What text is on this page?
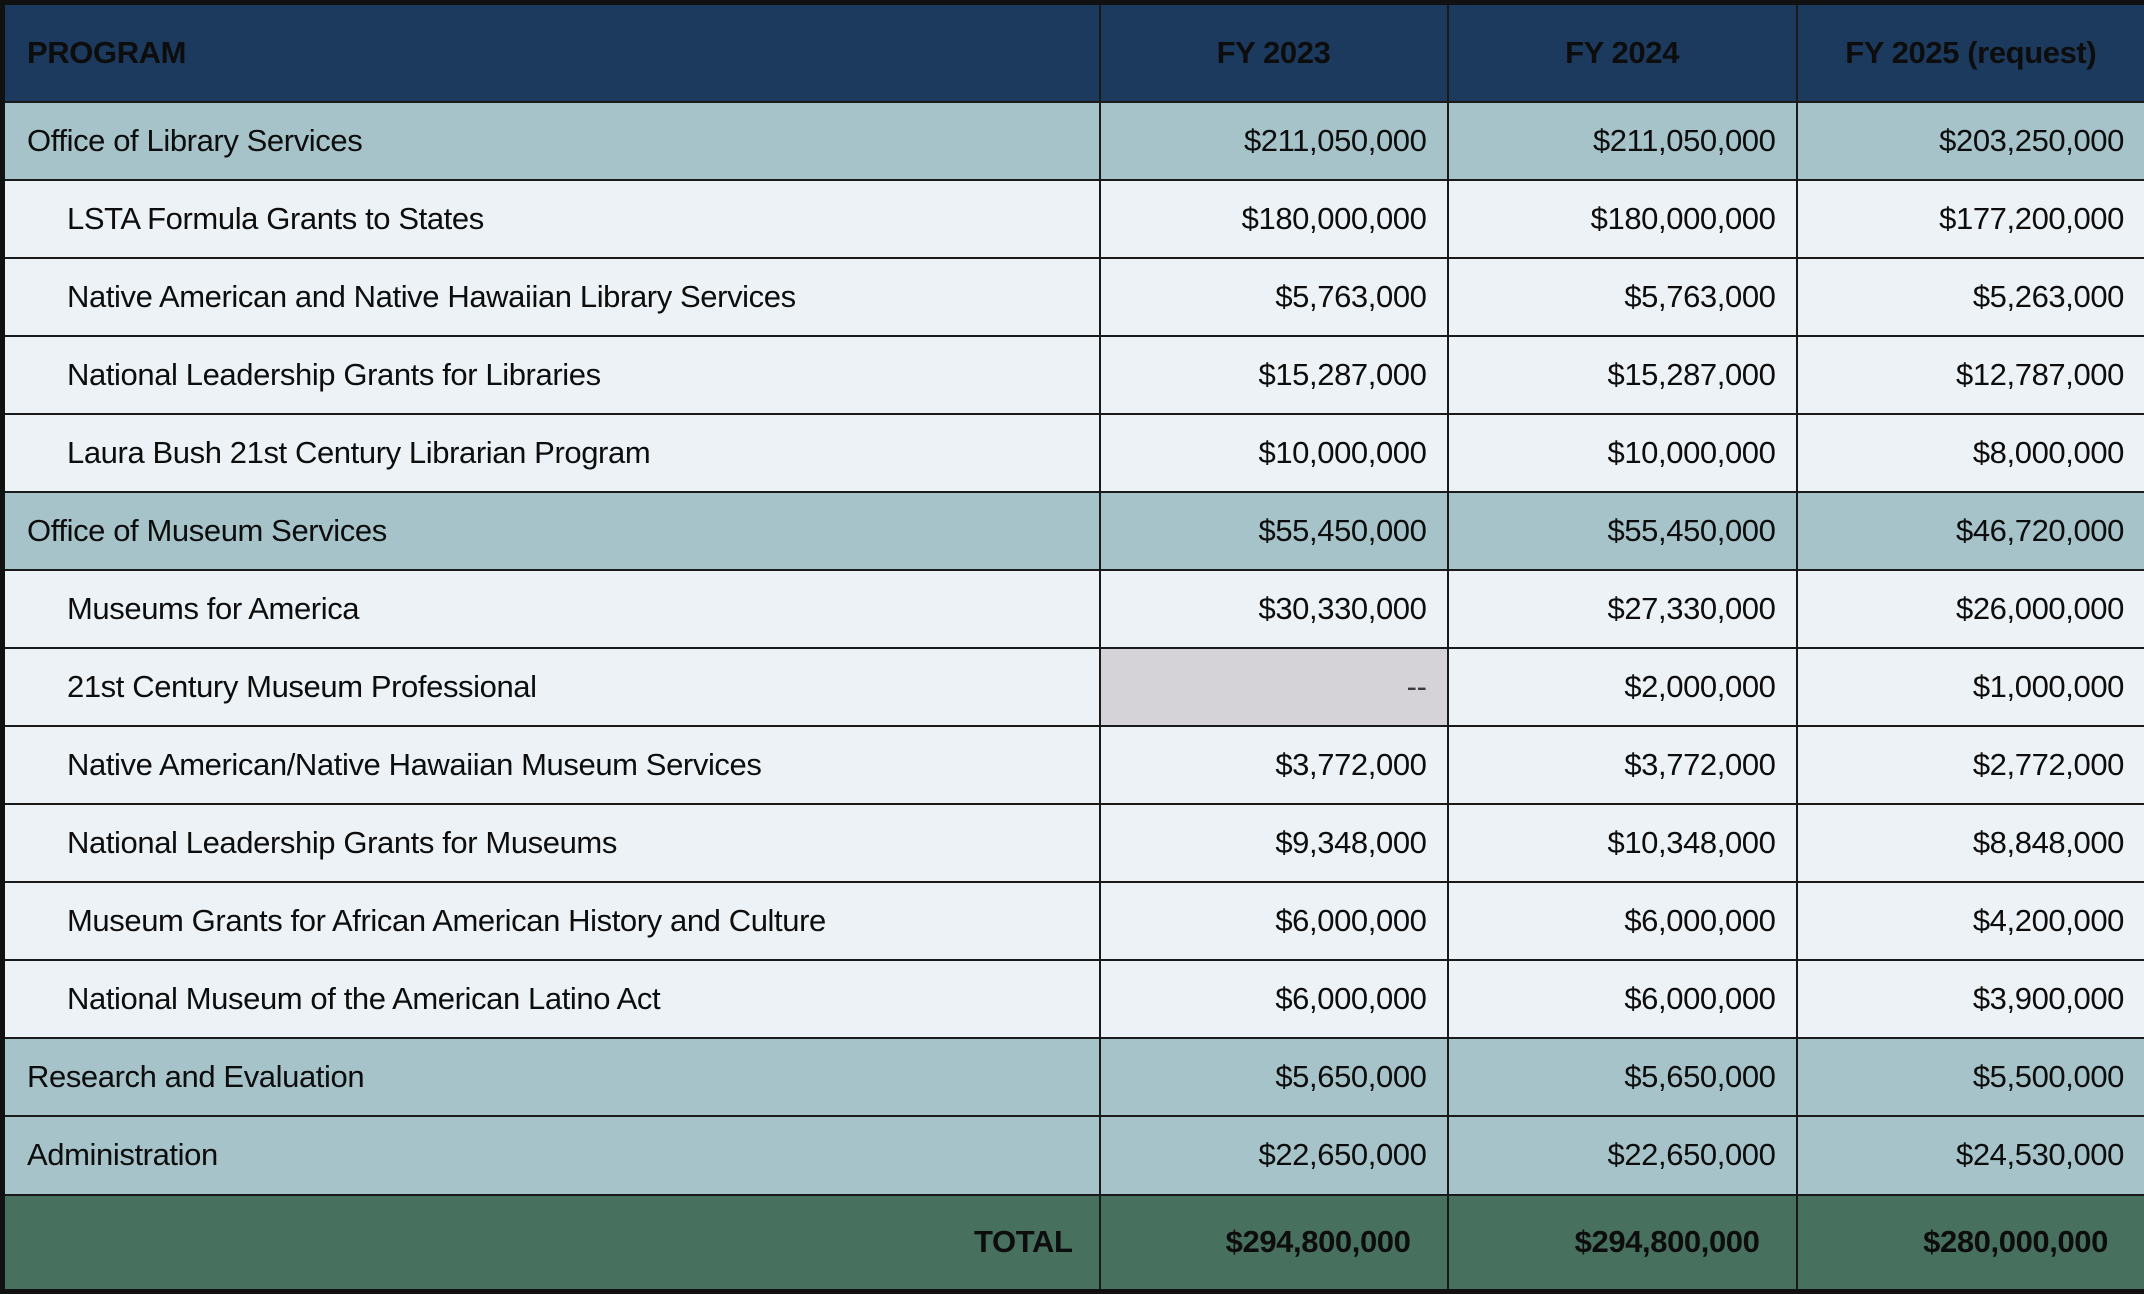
PROGRAM	FY 2023	FY 2024	FY 2025 (request)
Office of Library Services	$211,050,000	$211,050,000	$203,250,000
LSTA Formula Grants to States	$180,000,000	$180,000,000	$177,200,000
Native American and Native Hawaiian Library Services	$5,763,000	$5,763,000	$5,263,000
National Leadership Grants for Libraries	$15,287,000	$15,287,000	$12,787,000
Laura Bush 21st Century Librarian Program	$10,000,000	$10,000,000	$8,000,000
Office of Museum Services	$55,450,000	$55,450,000	$46,720,000
Museums for America	$30,330,000	$27,330,000	$26,000,000
21st Century Museum Professional	--	$2,000,000	$1,000,000
Native American/Native Hawaiian Museum Services	$3,772,000	$3,772,000	$2,772,000
National Leadership Grants for Museums	$9,348,000	$10,348,000	$8,848,000
Museum Grants for African American History and Culture	$6,000,000	$6,000,000	$4,200,000
National Museum of the American Latino Act	$6,000,000	$6,000,000	$3,900,000
Research and Evaluation	$5,650,000	$5,650,000	$5,500,000
Administration	$22,650,000	$22,650,000	$24,530,000
TOTAL	$294,800,000	$294,800,000	$280,000,000
